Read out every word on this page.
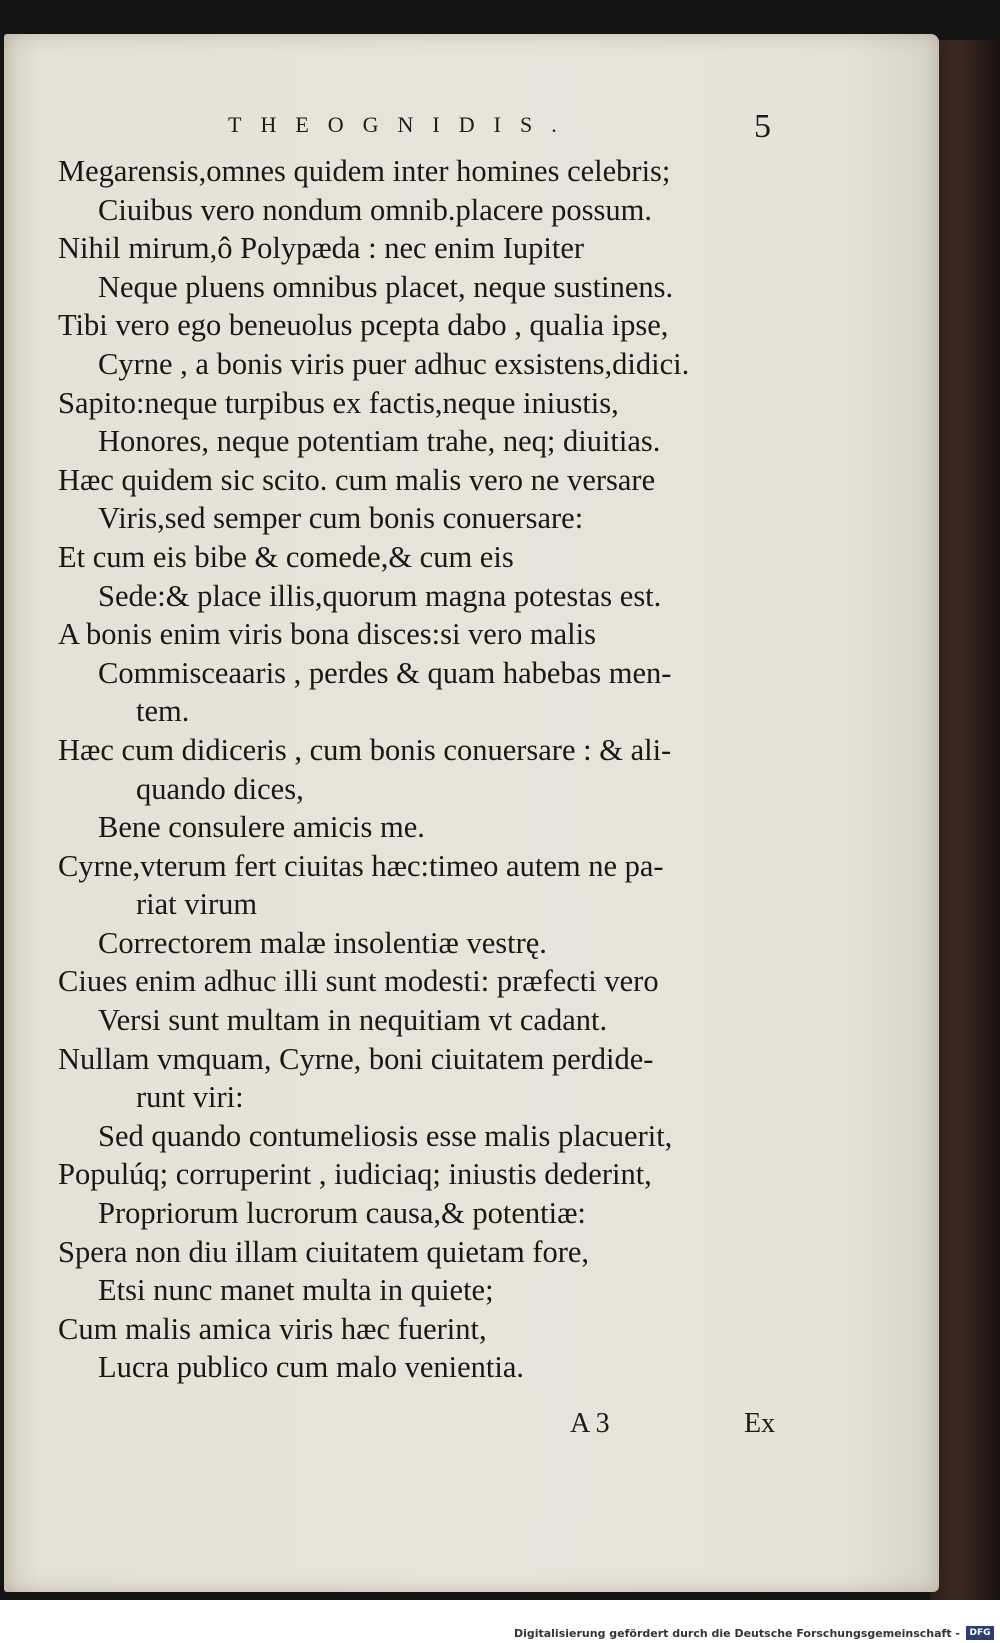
THEOGNIDIS.	5
Megarensis,omnes quidem inter homines celebris;
Ciuibus vero nondum omnib.placere possum.
Nihil mirum,ô Polypæda : nec enim Iupiter
Neque pluens omnibus placet, neque sustinens.
Tibi vero ego beneuolus pcepta dabo , qualia ipse,
Cyrne , a bonis viris puer adhuc exsistens,didici.
Sapito:neque turpibus ex factis,neque iniustis,
Honores, neque potentiam trahe, neq; diuitias.
Hæc quidem sic scito. cum malis vero ne versare
Viris,sed semper cum bonis conuersare:
Et cum eis bibe & comede,& cum eis
Sede:& place illis,quorum magna potestas est.
A bonis enim viris bona disces:si vero malis
Commisceaaris , perdes & quam habebas men-
tem.
Hæc cum didiceris , cum bonis conuersare : & ali-
quando dices,
Bene consulere amicis me.
Cyrne,vterum fert ciuitas hæc:timeo autem ne pa-
riat virum
Correctorem malæ insolentiæ vestrę.
Ciues enim adhuc illi sunt modesti: præfecti vero
Versi sunt multam in nequitiam vt cadant.
Nullam vmquam, Cyrne, boni ciuitatem perdide-
runt viri:
Sed quando contumeliosis esse malis placuerit,
Populúq; corruperint , iudiciaq; iniustis dederint,
Propriorum lucrorum causa,& potentiæ:
Spera non diu illam ciuitatem quietam fore,
Etsi nunc manet multa in quiete;
Cum malis amica viris hæc fuerint,
Lucra publico cum malo venientia.
A 3	Ex
Digitalisierung gefördert durch die Deutsche Forschungsgemeinschaft -	DFG
